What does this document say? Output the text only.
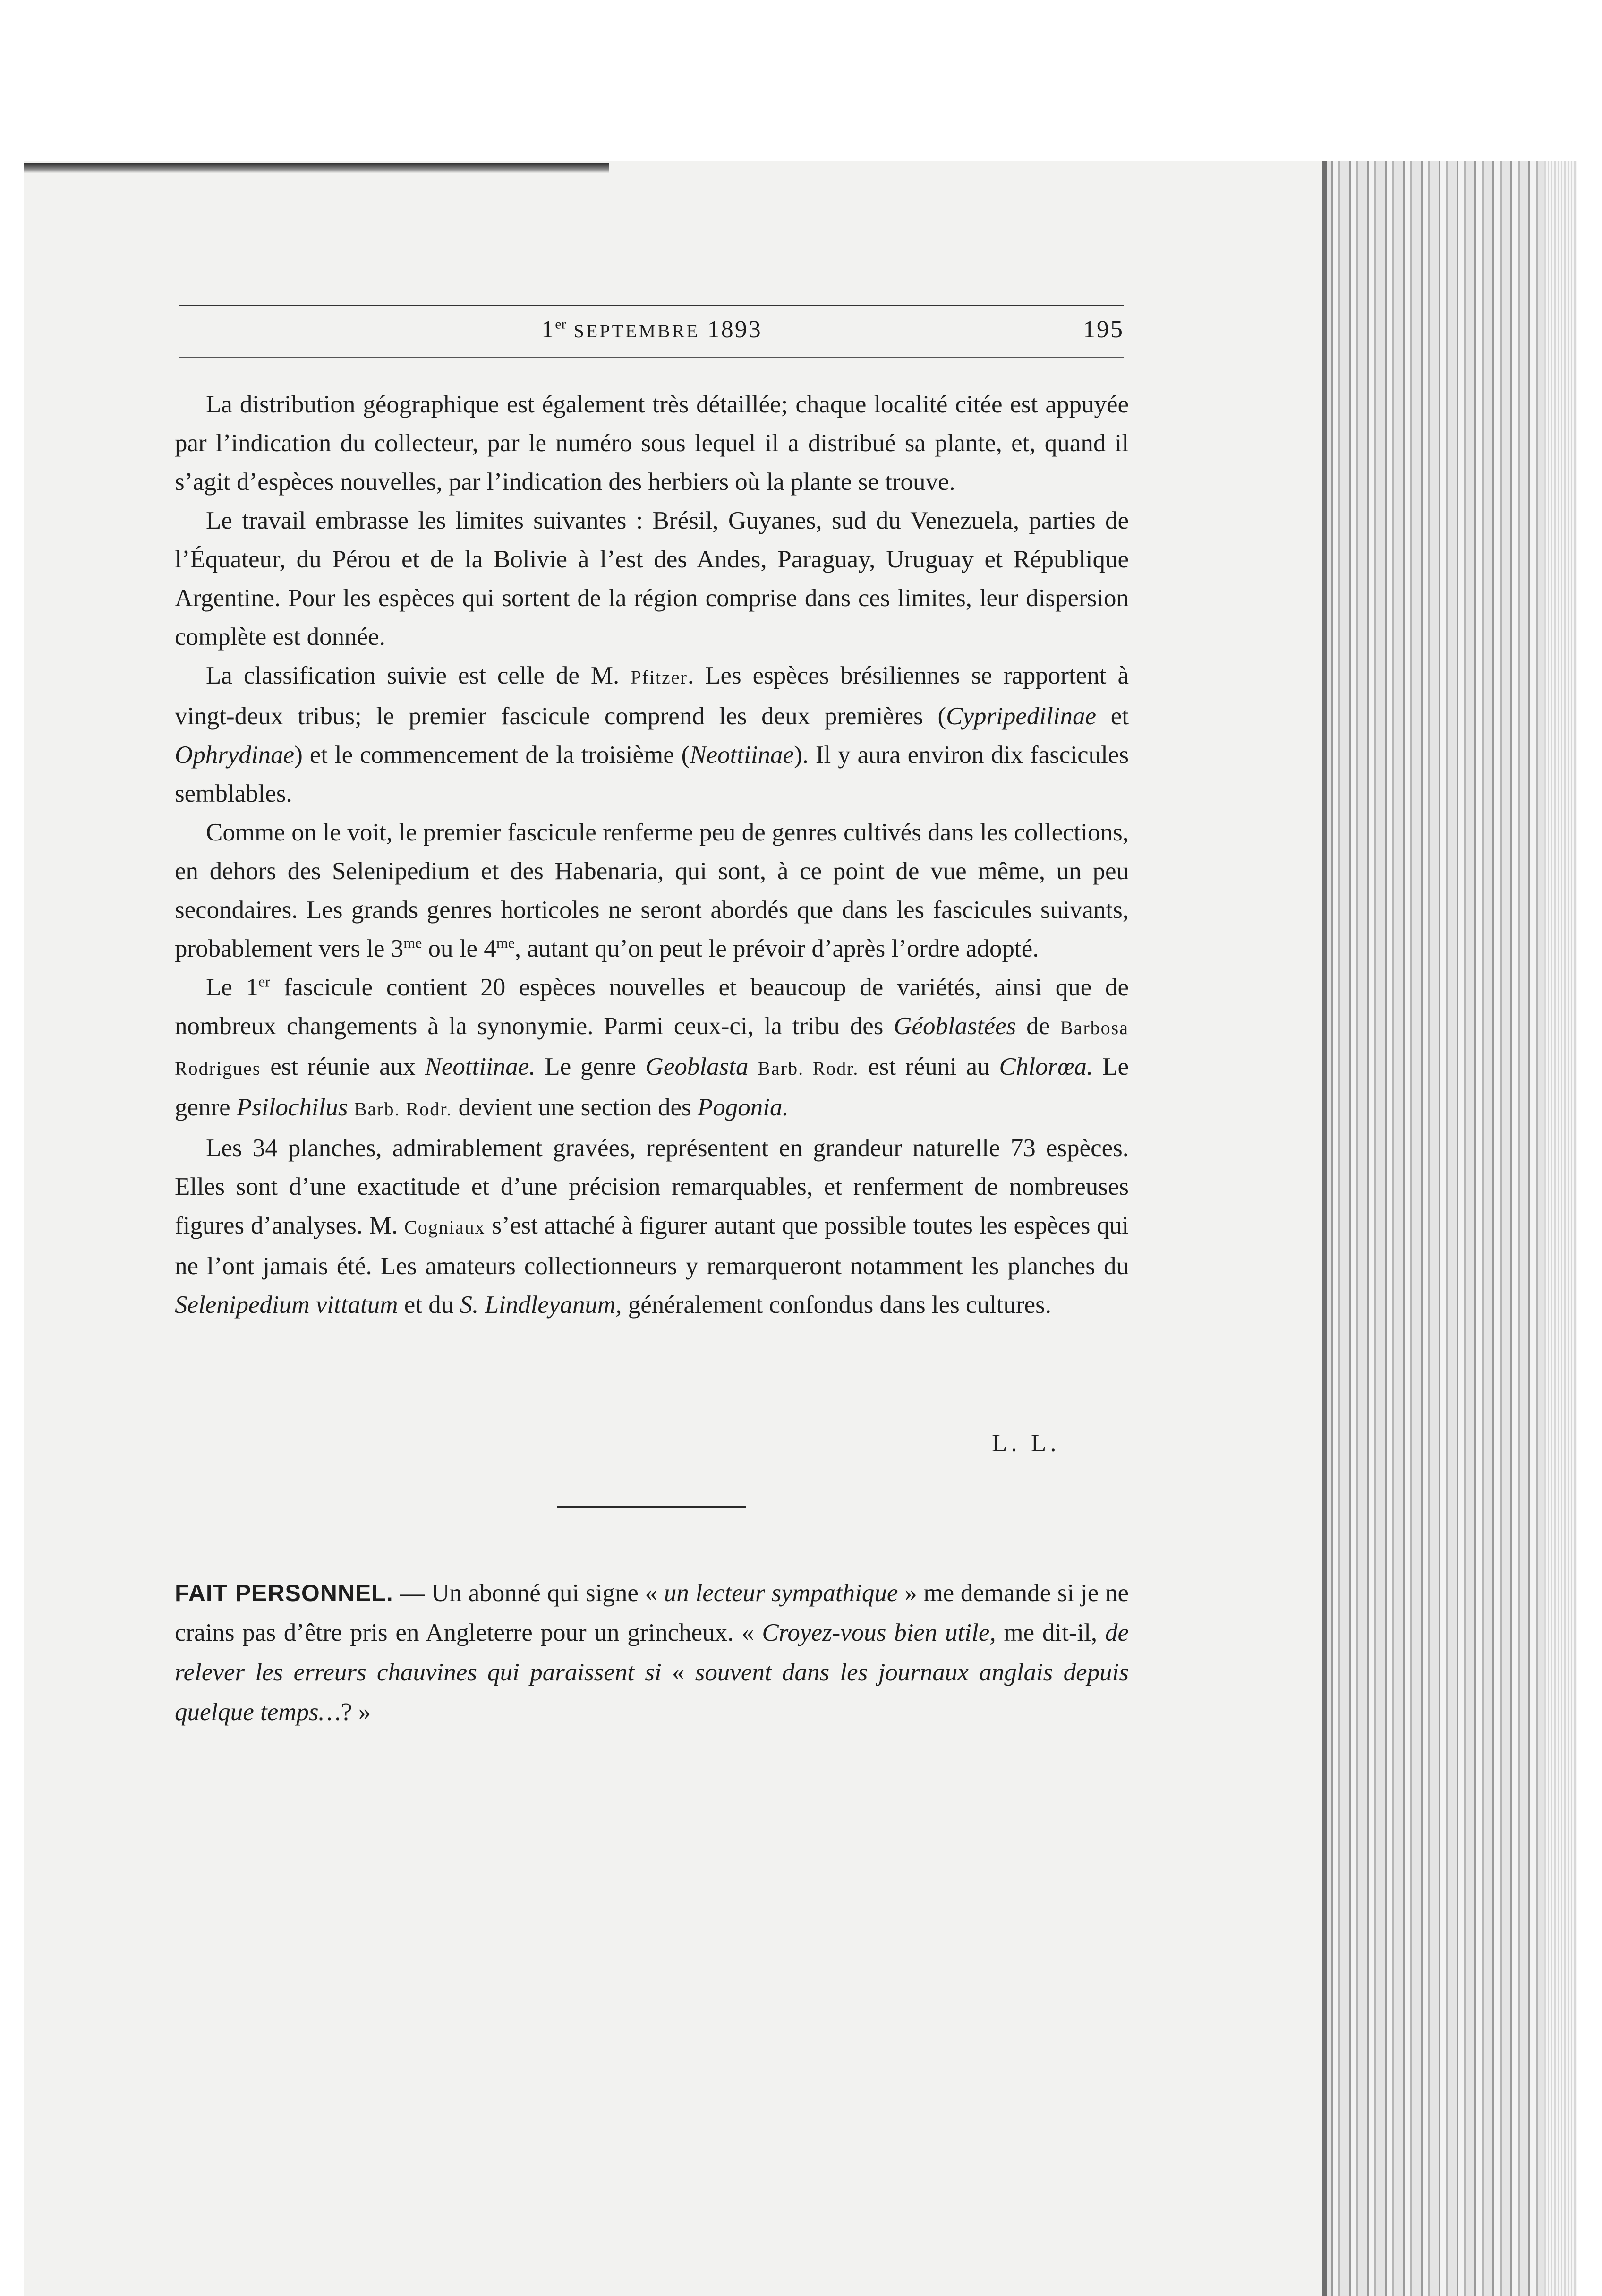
1er SEPTEMBRE 1893	195

La distribution géographique est également très détaillée; chaque localité citée est appuyée par l’indication du collecteur, par le numéro sous lequel il a distribué sa plante, et, quand il s’agit d’espèces nouvelles, par l’indication des herbiers où la plante se trouve.

Le travail embrasse les limites suivantes : Brésil, Guyanes, sud du Venezuela, parties de l’Équateur, du Pérou et de la Bolivie à l’est des Andes, Paraguay, Uruguay et République Argentine. Pour les espèces qui sortent de la région comprise dans ces limites, leur dispersion complète est donnée.

La classification suivie est celle de M. Pfitzer. Les espèces brésiliennes se rapportent à vingt-deux tribus; le premier fascicule comprend les deux premières (Cypripedilinae et Ophrydinae) et le commencement de la troisième (Neottiinae). Il y aura environ dix fascicules semblables.

Comme on le voit, le premier fascicule renferme peu de genres cultivés dans les collections, en dehors des Selenipedium et des Habenaria, qui sont, à ce point de vue même, un peu secondaires. Les grands genres horticoles ne seront abordés que dans les fascicules suivants, probablement vers le $3^{me}$ ou le $4^{me}$, autant qu’on peut le prévoir d’après l’ordre adopté.

Le 1er fascicule contient 20 espèces nouvelles et beaucoup de variétés, ainsi que de nombreux changements à la synonymie. Parmi ceux-ci, la tribu des Géoblastées de Barbosa Rodrigues est réunie aux Neottiinae. Le genre Geoblasta Barb. Rodr. est réuni au Chlorœa. Le genre Psilochilus Barb. Rodr. devient une section des Pogonia.

Les 34 planches, admirablement gravées, représentent en grandeur naturelle 73 espèces. Elles sont d’une exactitude et d’une précision remarquables, et renferment de nombreuses figures d’analyses. M. Cogniaux s’est attaché à figurer autant que possible toutes les espèces qui ne l’ont jamais été. Les amateurs collectionneurs y remarqueront notamment les planches du Selenipedium vittatum et du S. Lindleyanum, généralement confondus dans les cultures.

L. L.

FAIT PERSONNEL. — Un abonné qui signe « un lecteur sympathique » me demande si je ne crains pas d’être pris en Angleterre pour un grincheux. « Croyez-vous bien utile, me dit-il, de relever les erreurs chauvines qui paraissent si « souvent dans les journaux anglais depuis quelque temps…? »
